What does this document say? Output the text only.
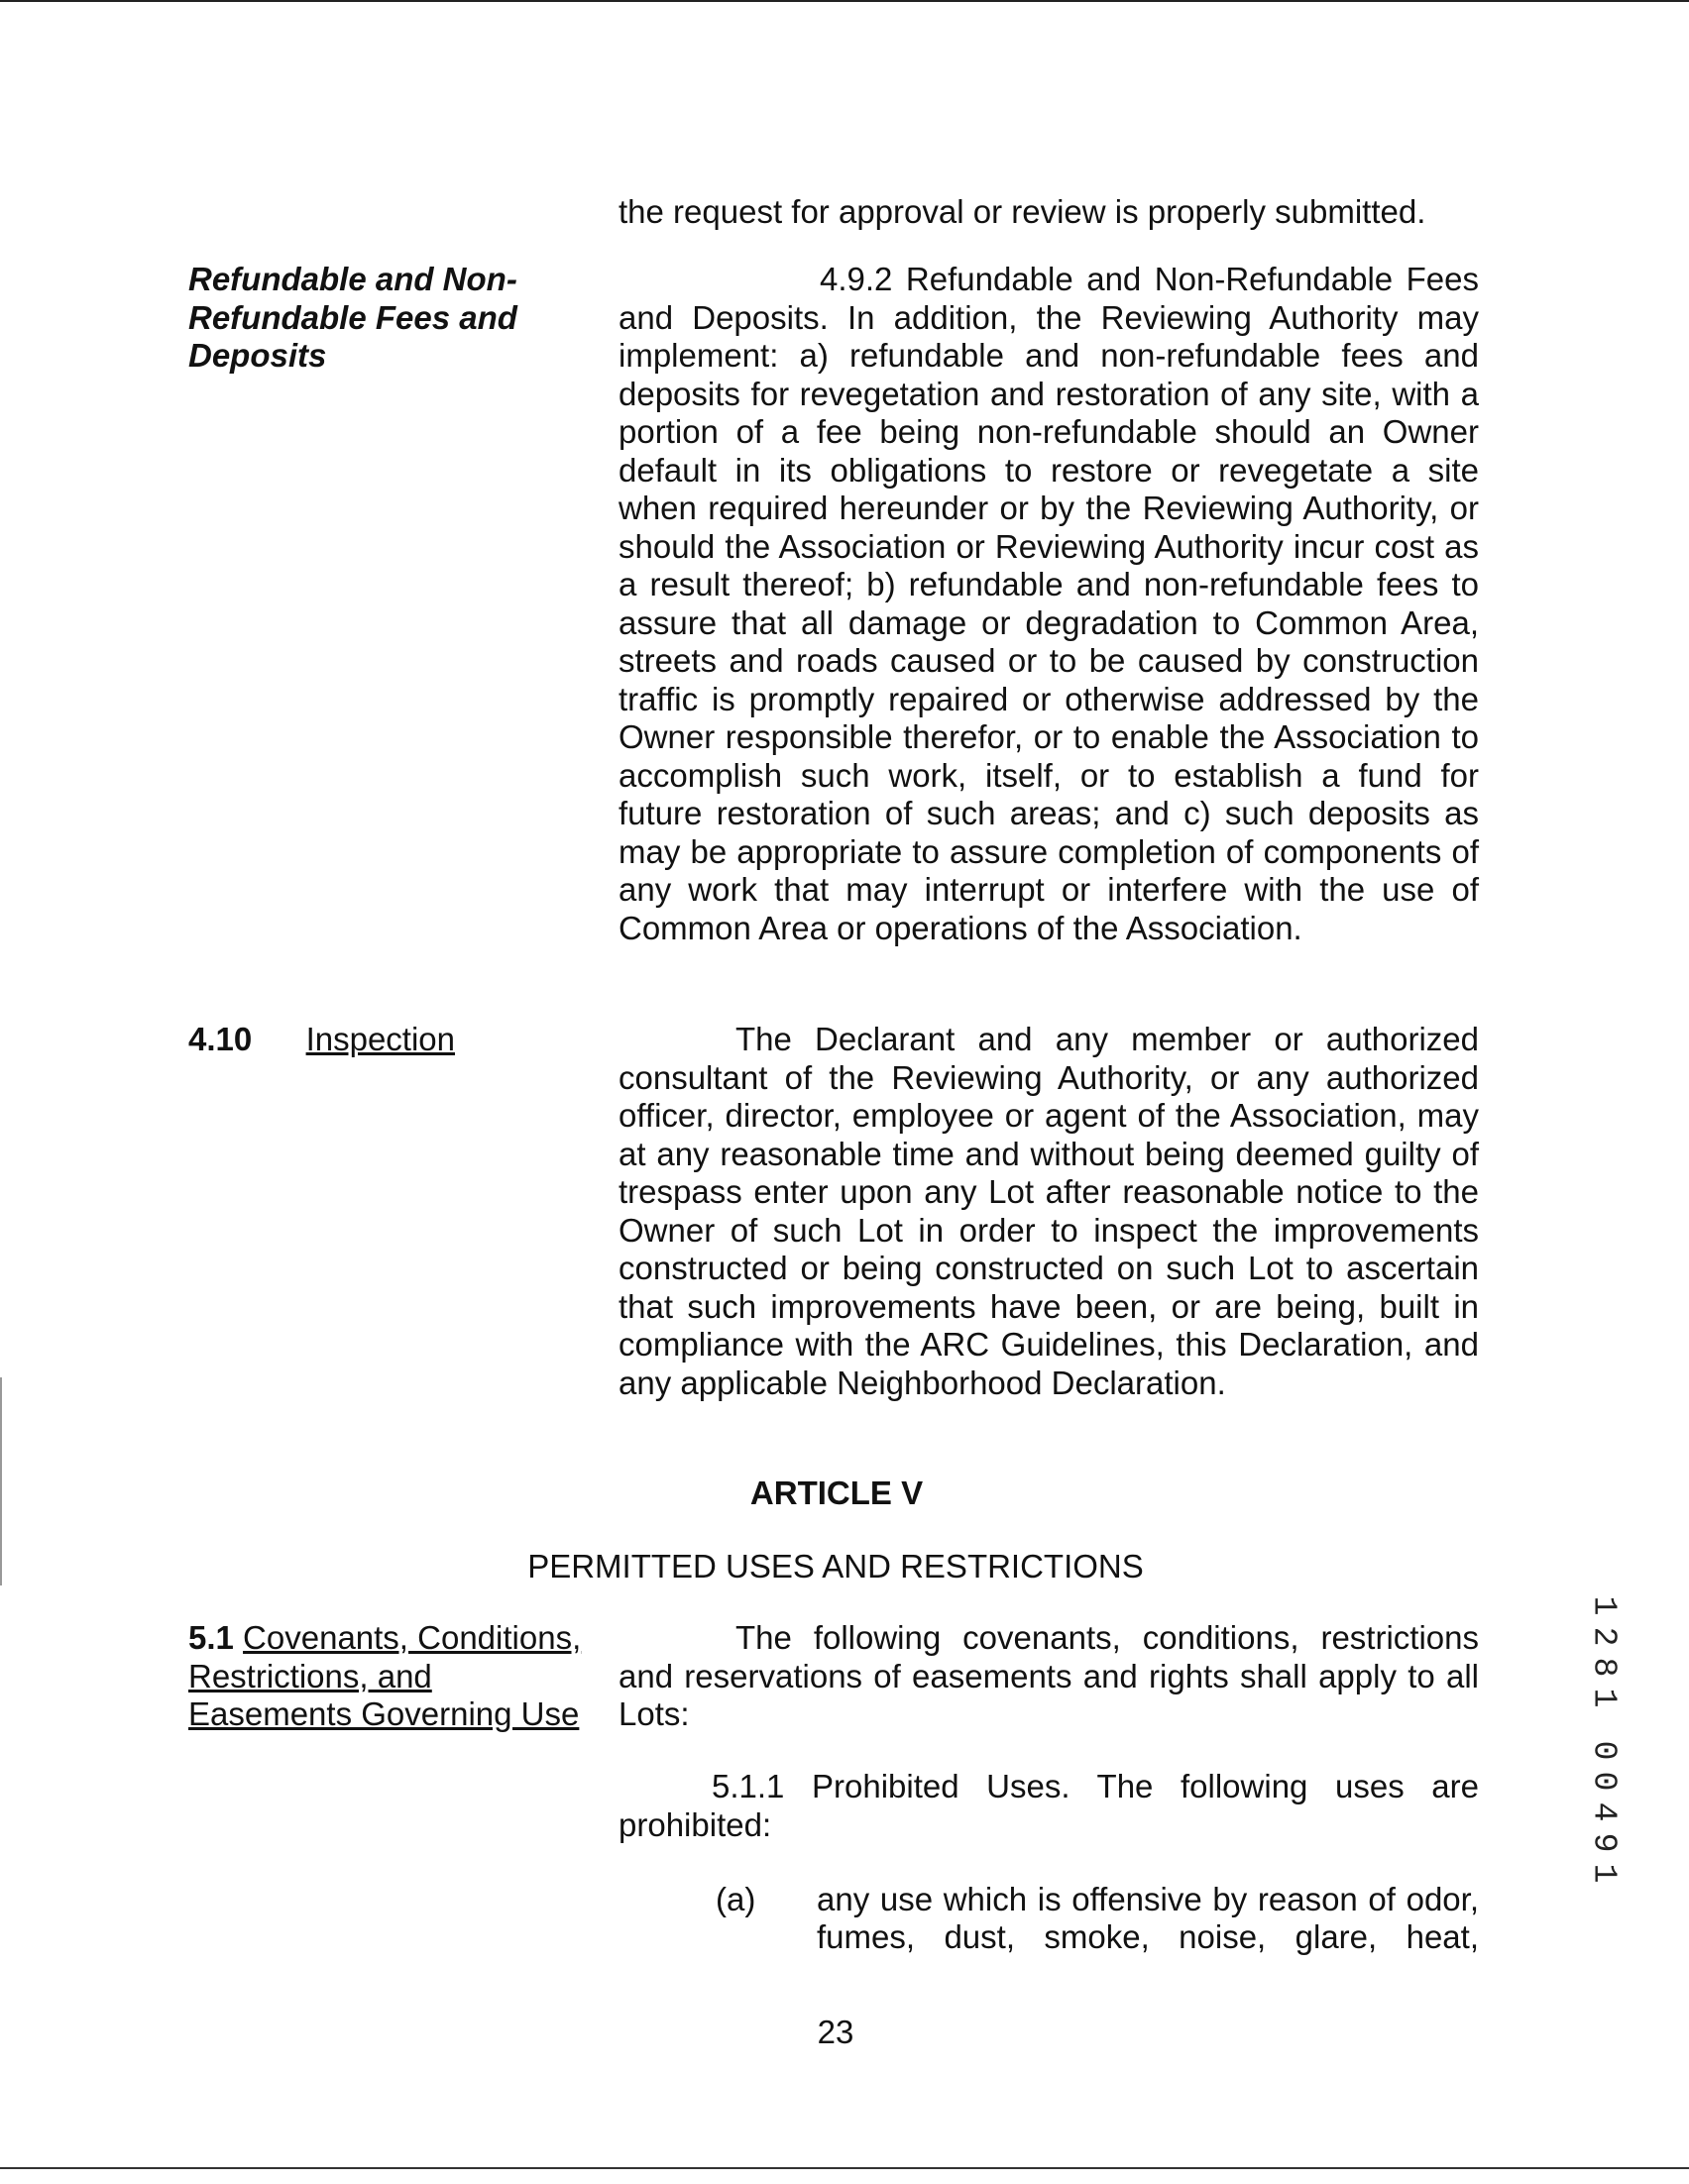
the request for approval or review is properly submitted.

Refundable and Non-Refundable Fees and Deposits

4.9.2 Refundable and Non-Refundable Fees and Deposits. In addition, the Reviewing Authority may implement: a) refundable and non-refundable fees and deposits for revegetation and restoration of any site, with a portion of a fee being non-refundable should an Owner default in its obligations to restore or revegetate a site when required hereunder or by the Reviewing Authority, or should the Association or Reviewing Authority incur cost as a result thereof; b) refundable and non-refundable fees to assure that all damage or degradation to Common Area, streets and roads caused or to be caused by construction traffic is promptly repaired or otherwise addressed by the Owner responsible therefor, or to enable the Association to accomplish such work, itself, or to establish a fund for future restoration of such areas; and c) such deposits as may be appropriate to assure completion of components of any work that may interrupt or interfere with the use of Common Area or operations of the Association.

4.10 Inspection	The Declarant and any member or authorized consultant of the Reviewing Authority, or any authorized officer, director, employee or agent of the Association, may at any reasonable time and without being deemed guilty of trespass enter upon any Lot after reasonable notice to the Owner of such Lot in order to inspect the improvements constructed or being constructed on such Lot to ascertain that such improvements have been, or are being, built in compliance with the ARC Guidelines, this Declaration, and any applicable Neighborhood Declaration.

ARTICLE V

PERMITTED USES AND RESTRICTIONS

5.1 Covenants, Conditions, Restrictions, and Easements Governing Use

The following covenants, conditions, restrictions and reservations of easements and rights shall apply to all Lots:

5.1.1 Prohibited Uses. The following uses are prohibited:

(a) any use which is offensive by reason of odor,

fumes, dust, smoke, noise, glare, heat,

23
1
2
8
1

0
0
4
9
1
